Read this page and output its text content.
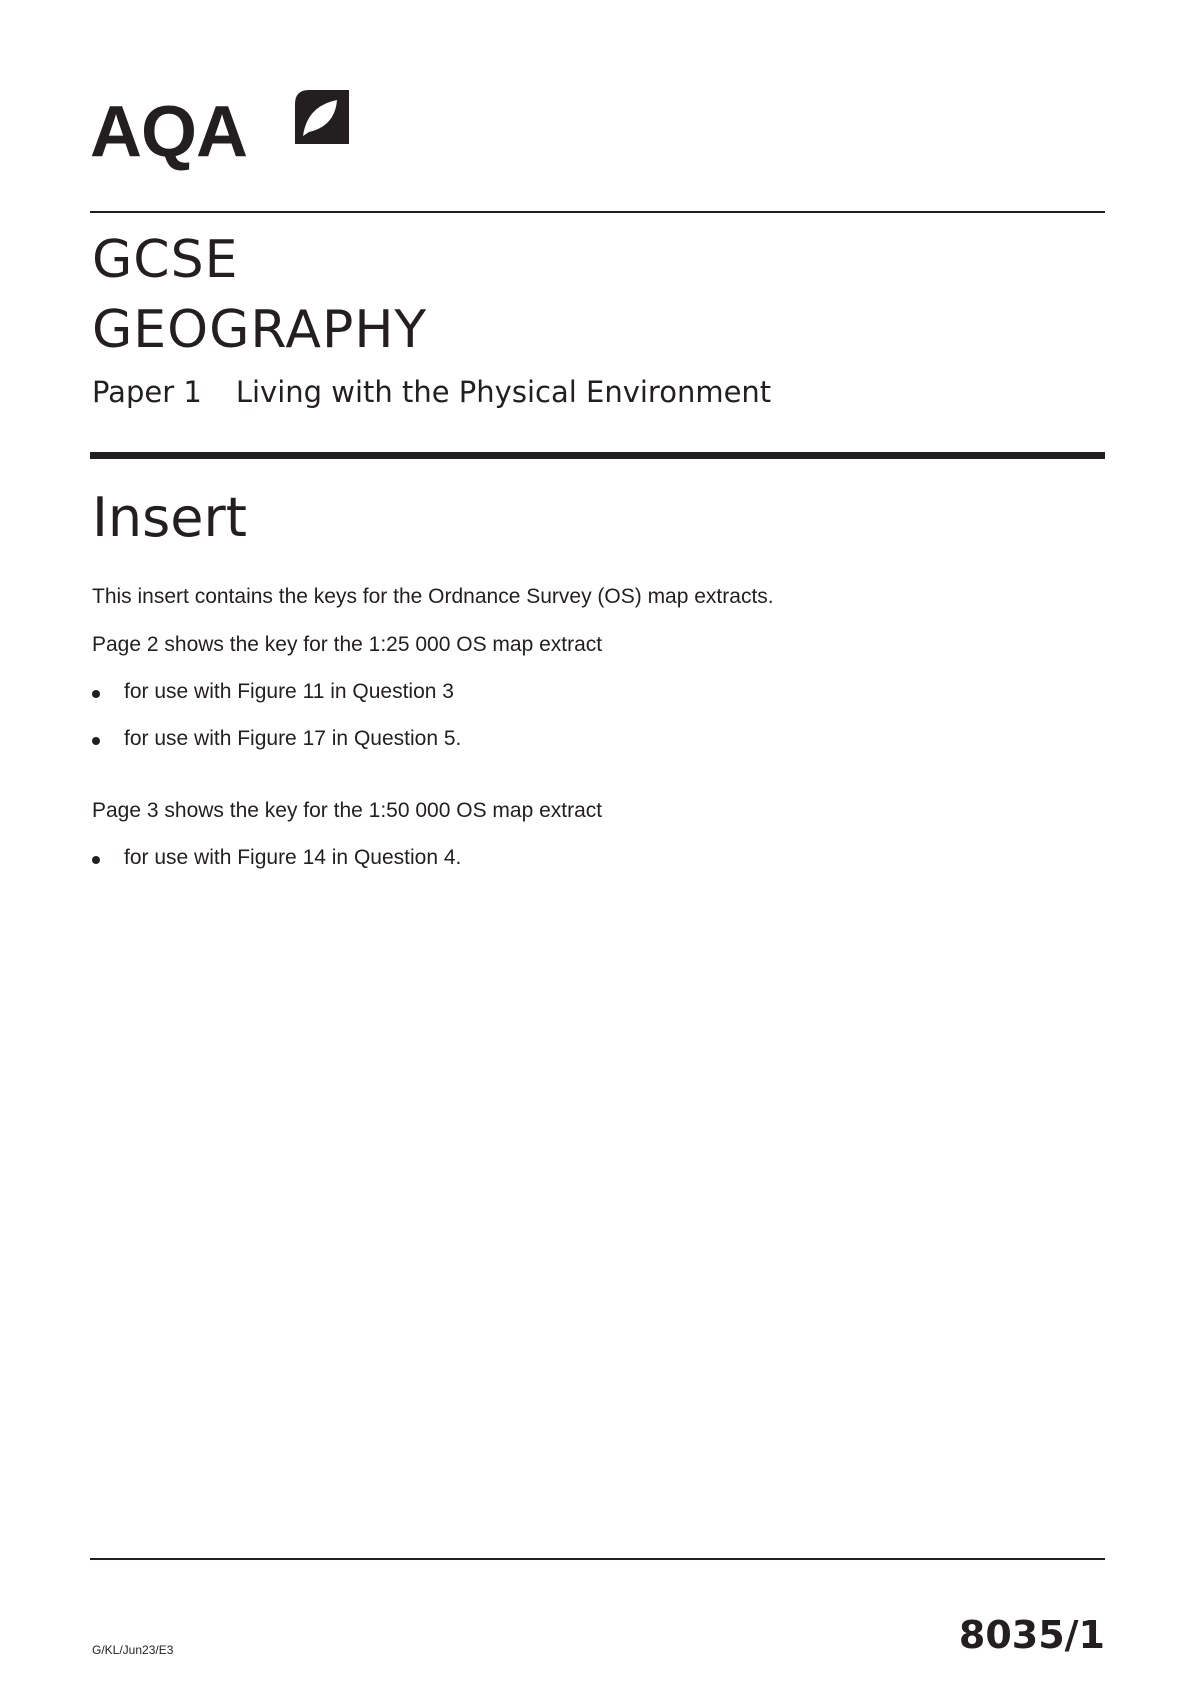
AQA
GCSE
GEOGRAPHY
Paper 1 Living with the Physical Environment
Insert
This insert contains the keys for the Ordnance Survey (OS) map extracts.
Page 2 shows the key for the 1:25 000 OS map extract
for use with Figure 11 in Question 3
for use with Figure 17 in Question 5.
Page 3 shows the key for the 1:50 000 OS map extract
for use with Figure 14 in Question 4.
G/KL/Jun23/E3	8035/1
